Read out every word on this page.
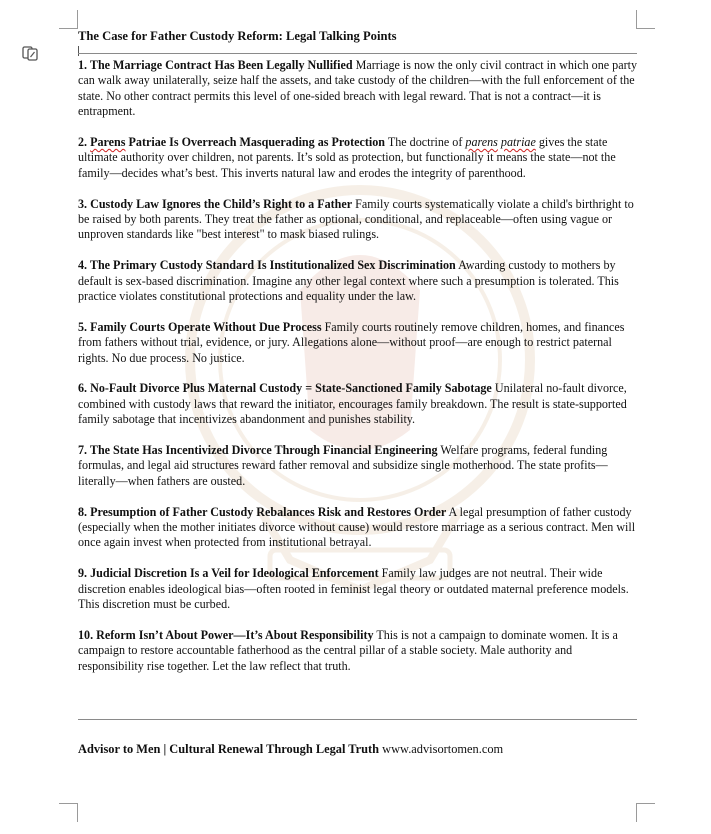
The Case for Father Custody Reform: Legal Talking Points

1. The Marriage Contract Has Been Legally Nullified Marriage is now the only civil contract in which one party can walk away unilaterally, seize half the assets, and take custody of the children—with the full enforcement of the state. No other contract permits this level of one-sided breach with legal reward. That is not a contract—it is entrapment.

2. Parens Patriae Is Overreach Masquerading as Protection The doctrine of parens patriae gives the state ultimate authority over children, not parents. It’s sold as protection, but functionally it means the state—not the family—decides what’s best. This inverts natural law and erodes the integrity of parenthood.

3. Custody Law Ignores the Child’s Right to a Father Family courts systematically violate a child's birthright to be raised by both parents. They treat the father as optional, conditional, and replaceable—often using vague or unproven standards like "best interest" to mask biased rulings.

4. The Primary Custody Standard Is Institutionalized Sex Discrimination Awarding custody to mothers by default is sex-based discrimination. Imagine any other legal context where such a presumption is tolerated. This practice violates constitutional protections and equality under the law.

5. Family Courts Operate Without Due Process Family courts routinely remove children, homes, and finances from fathers without trial, evidence, or jury. Allegations alone—without proof—are enough to restrict paternal rights. No due process. No justice.

6. No-Fault Divorce Plus Maternal Custody = State-Sanctioned Family Sabotage Unilateral no-fault divorce, combined with custody laws that reward the initiator, encourages family breakdown. The result is state-supported family sabotage that incentivizes abandonment and punishes stability.

7. The State Has Incentivized Divorce Through Financial Engineering Welfare programs, federal funding formulas, and legal aid structures reward father removal and subsidize single motherhood. The state profits—literally—when fathers are ousted.

8. Presumption of Father Custody Rebalances Risk and Restores Order A legal presumption of father custody (especially when the mother initiates divorce without cause) would restore marriage as a serious contract. Men will once again invest when protected from institutional betrayal.

9. Judicial Discretion Is a Veil for Ideological Enforcement Family law judges are not neutral. Their wide discretion enables ideological bias—often rooted in feminist legal theory or outdated maternal preference models. This discretion must be curbed.

10. Reform Isn’t About Power—It’s About Responsibility This is not a campaign to dominate women. It is a campaign to restore accountable fatherhood as the central pillar of a stable society. Male authority and responsibility rise together. Let the law reflect that truth.

Advisor to Men | Cultural Renewal Through Legal Truth www.advisortomen.com
